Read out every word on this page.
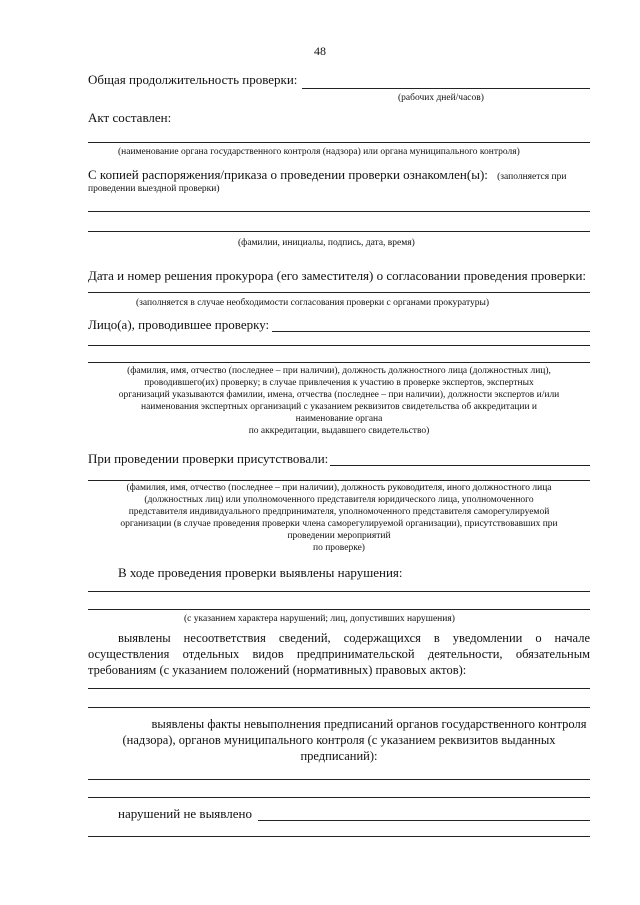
48
Общая продолжительность проверки:
(рабочих дней/часов)
Акт составлен:
(наименование органа государственного контроля (надзора) или органа муниципального контроля)
С копией распоряжения/приказа о проведении проверки ознакомлен(ы): (заполняется при
проведении выездной проверки)
(фамилии, инициалы, подпись, дата, время)
Дата и номер решения прокурора (его заместителя) о согласовании проведения проверки:
(заполняется в случае необходимости согласования проверки с органами прокуратуры)
Лицо(а), проводившее проверку:
(фамилия, имя, отчество (последнее – при наличии), должность должностного лица (должностных лиц),
проводившего(их) проверку; в случае привлечения к участию в проверке экспертов, экспертных
организаций указываются фамилии, имена, отчества (последнее – при наличии), должности экспертов и/или
наименования экспертных организаций с указанием реквизитов свидетельства об аккредитации и
наименование органа
по аккредитации, выдавшего свидетельство)
При проведении проверки присутствовали:
(фамилия, имя, отчество (последнее – при наличии), должность руководителя, иного должностного лица
(должностных лиц) или уполномоченного представителя юридического лица, уполномоченного
представителя индивидуального предпринимателя, уполномоченного представителя саморегулируемой
организации (в случае проведения проверки члена саморегулируемой организации), присутствовавших при
проведении мероприятий
по проверке)
В ходе проведения проверки выявлены нарушения:
(с указанием характера нарушений; лиц, допустивших нарушения)
выявлены несоответствия сведений, содержащихся в уведомлении о начале
осуществления отдельных видов предпринимательской деятельности, обязательным
требованиям (с указанием положений (нормативных) правовых актов):
выявлены факты невыполнения предписаний органов государственного контроля
(надзора), органов муниципального контроля (с указанием реквизитов выданных
предписаний):
нарушений не выявлено
